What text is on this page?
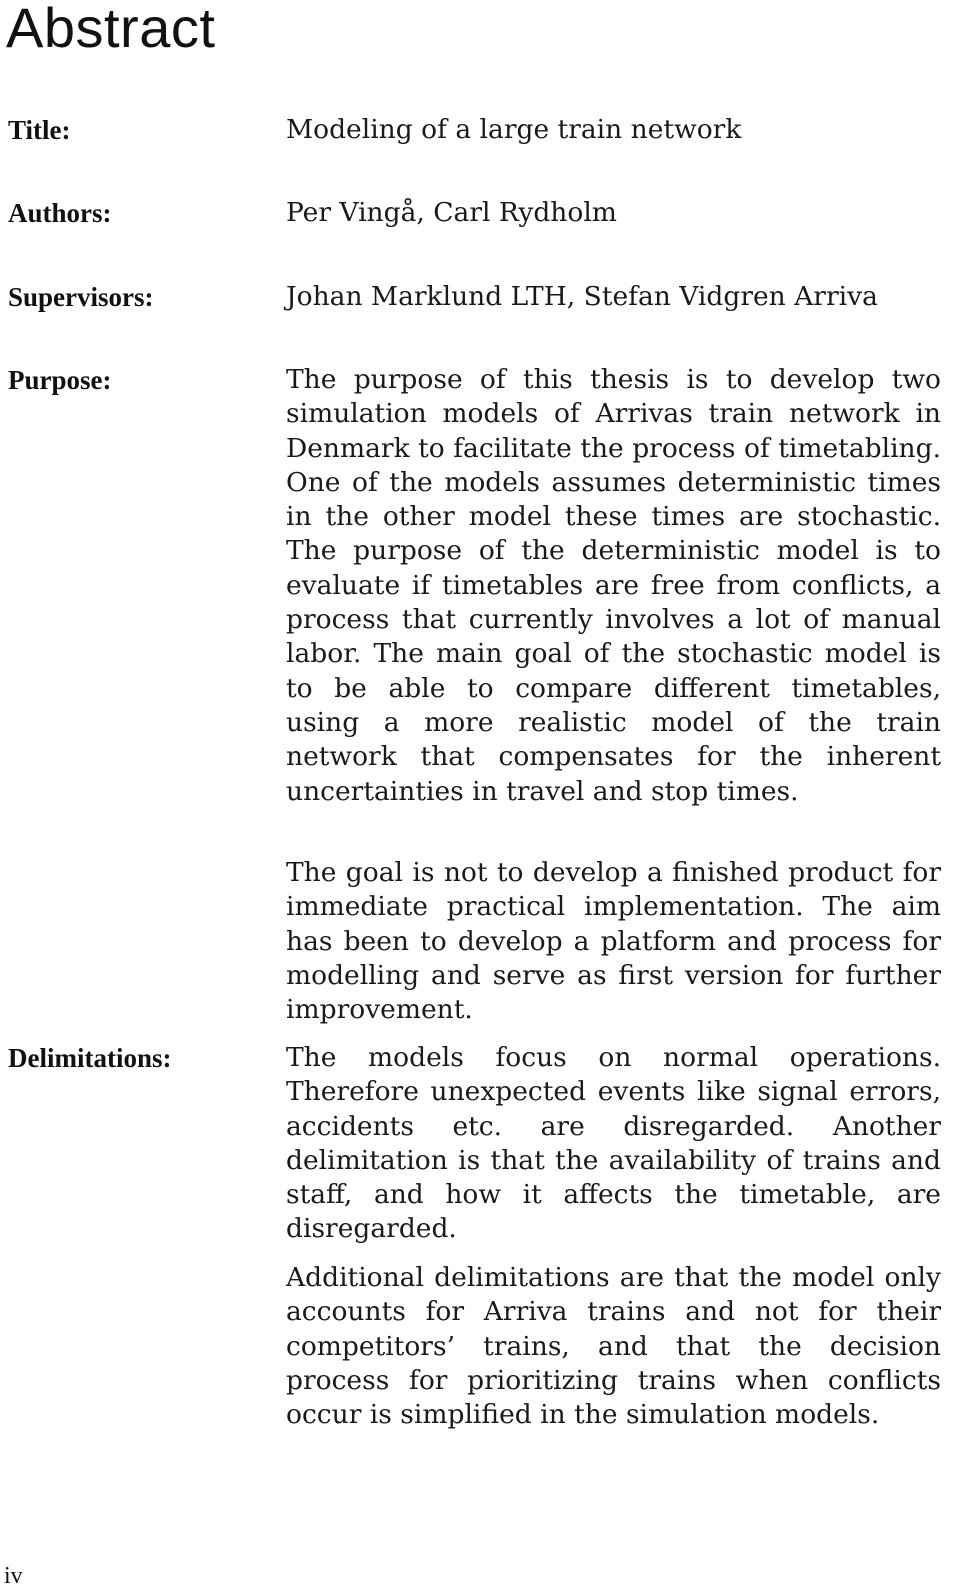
Abstract
Title:	Modeling of a large train network
Authors:	Per Vingå, Carl Rydholm
Supervisors:	Johan Marklund LTH, Stefan Vidgren Arriva
Purpose:	The purpose of this thesis is to develop two simulation models of Arrivas train network in Denmark to facilitate the process of timetabling. One of the models assumes deterministic times in the other model these times are stochastic. The purpose of the deterministic model is to evaluate if timetables are free from conflicts, a process that currently involves a lot of manual labor. The main goal of the stochastic model is to be able to compare different timetables, using a more realistic model of the train network that compensates for the inherent uncertainties in travel and stop times.

The goal is not to develop a finished product for immediate practical implementation. The aim has been to develop a platform and process for modelling and serve as first version for further improvement.

Delimitations:	The models focus on normal operations. Therefore unexpected events like signal errors, accidents etc. are disregarded. Another delimitation is that the availability of trains and staff, and how it affects the timetable, are disregarded.

Additional delimitations are that the model only accounts for Arriva trains and not for their competitors’ trains, and that the decision process for prioritizing trains when conflicts occur is simplified in the simulation models.

iv
